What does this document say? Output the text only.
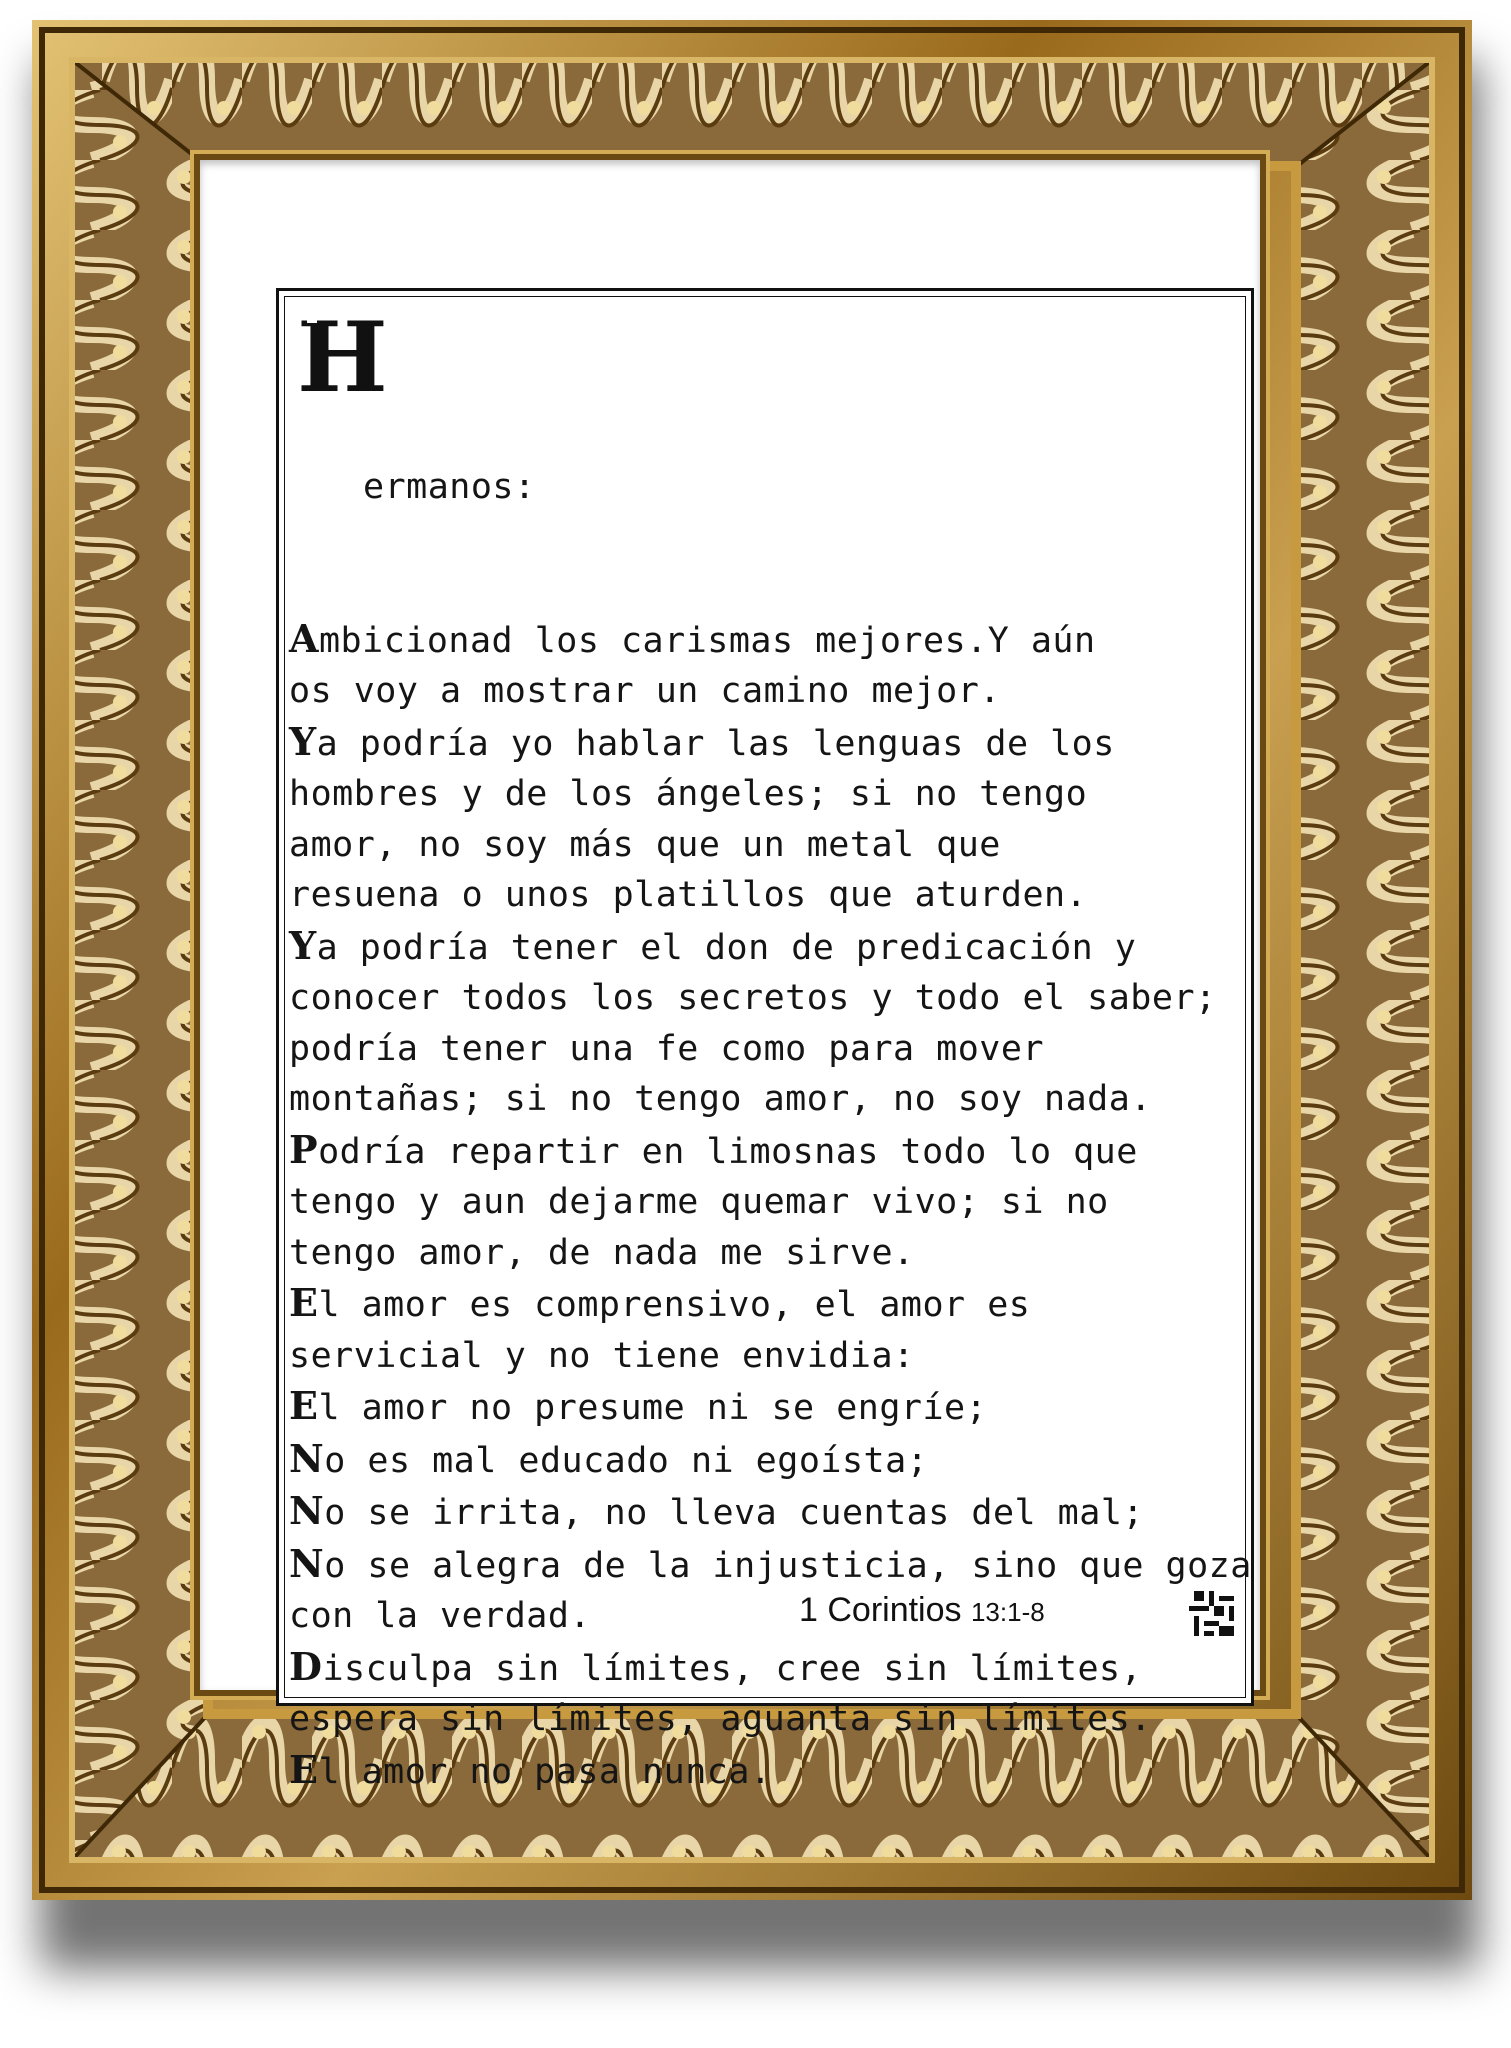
H

ermanos:

Ambicionad los carismas mejores.Y aún
os voy a mostrar un camino mejor.
Ya podría yo hablar las lenguas de los
hombres y de los ángeles; si no tengo
amor, no soy más que un metal que
resuena o unos platillos que aturden.
Ya podría tener el don de predicación y
conocer todos los secretos y todo el saber;
podría tener una fe como para mover
montañas; si no tengo amor, no soy nada.
Podría repartir en limosnas todo lo que
tengo y aun dejarme quemar vivo; si no
tengo amor, de nada me sirve.
El amor es comprensivo, el amor es
servicial y no tiene envidia:
El amor no presume ni se engríe;
No es mal educado ni egoísta;
No se irrita, no lleva cuentas del mal;
No se alegra de la injusticia, sino que goza
con la verdad.
Disculpa sin límites, cree sin límites,
espera sin límites, aguanta sin límites.
El amor no pasa nunca.

1 Corintios 13:1-8
